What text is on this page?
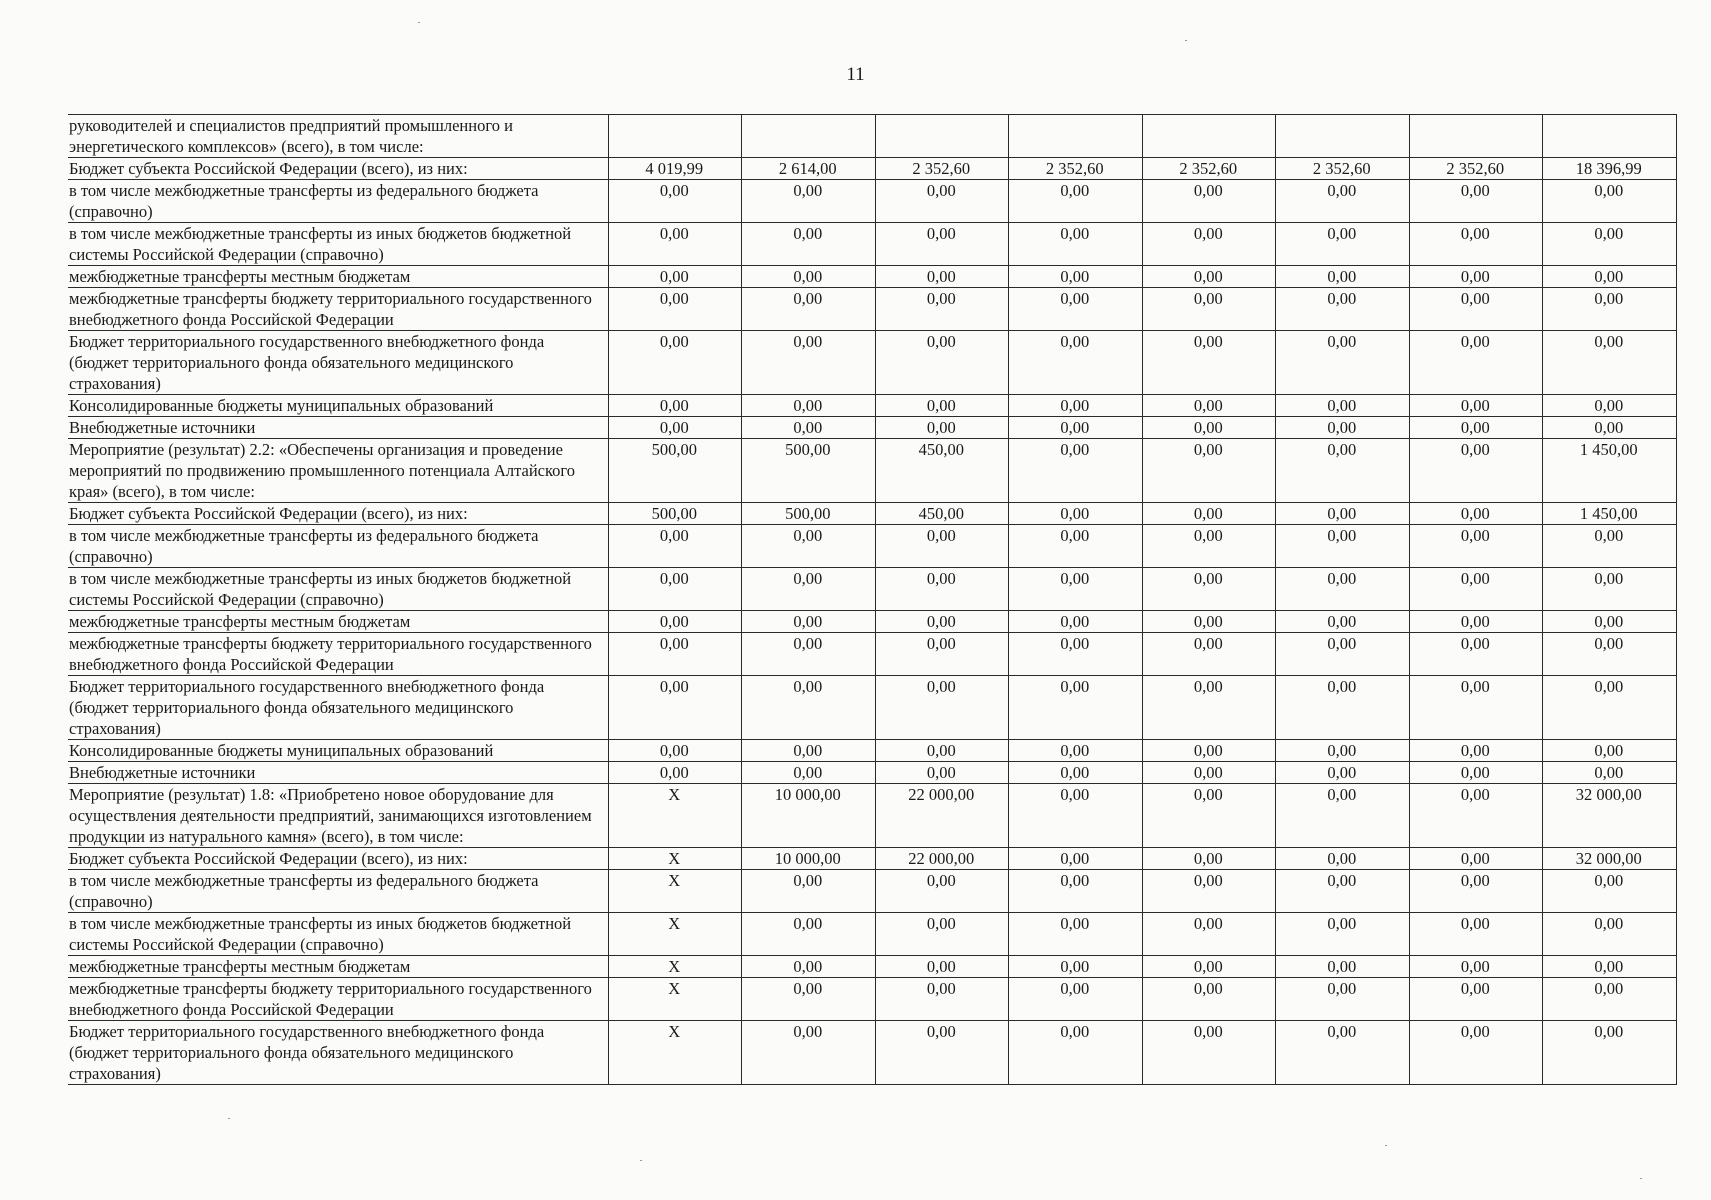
11
руководителей и специалистов предприятий промышленного и энергетического комплексов» (всего), в том числе:								
Бюджет субъекта Российской Федерации (всего), из них:	4 019,99	2 614,00	2 352,60	2 352,60	2 352,60	2 352,60	2 352,60	18 396,99
в том числе межбюджетные трансферты из федерального бюджета (справочно)	0,00	0,00	0,00	0,00	0,00	0,00	0,00	0,00
в том числе межбюджетные трансферты из иных бюджетов бюджетной системы Российской Федерации (справочно)	0,00	0,00	0,00	0,00	0,00	0,00	0,00	0,00
межбюджетные трансферты местным бюджетам	0,00	0,00	0,00	0,00	0,00	0,00	0,00	0,00
межбюджетные трансферты бюджету территориального государственного внебюджетного фонда Российской Федерации	0,00	0,00	0,00	0,00	0,00	0,00	0,00	0,00
Бюджет территориального государственного внебюджетного фонда (бюджет территориального фонда обязательного медицинского страхования)	0,00	0,00	0,00	0,00	0,00	0,00	0,00	0,00
Консолидированные бюджеты муниципальных образований	0,00	0,00	0,00	0,00	0,00	0,00	0,00	0,00
Внебюджетные источники	0,00	0,00	0,00	0,00	0,00	0,00	0,00	0,00
Мероприятие (результат) 2.2: «Обеспечены организация и проведение мероприятий по продвижению промышленного потенциала Алтайского края» (всего), в том числе:	500,00	500,00	450,00	0,00	0,00	0,00	0,00	1 450,00
Бюджет субъекта Российской Федерации (всего), из них:	500,00	500,00	450,00	0,00	0,00	0,00	0,00	1 450,00
в том числе межбюджетные трансферты из федерального бюджета (справочно)	0,00	0,00	0,00	0,00	0,00	0,00	0,00	0,00
в том числе межбюджетные трансферты из иных бюджетов бюджетной системы Российской Федерации (справочно)	0,00	0,00	0,00	0,00	0,00	0,00	0,00	0,00
межбюджетные трансферты местным бюджетам	0,00	0,00	0,00	0,00	0,00	0,00	0,00	0,00
межбюджетные трансферты бюджету территориального государственного внебюджетного фонда Российской Федерации	0,00	0,00	0,00	0,00	0,00	0,00	0,00	0,00
Бюджет территориального государственного внебюджетного фонда (бюджет территориального фонда обязательного медицинского страхования)	0,00	0,00	0,00	0,00	0,00	0,00	0,00	0,00
Консолидированные бюджеты муниципальных образований	0,00	0,00	0,00	0,00	0,00	0,00	0,00	0,00
Внебюджетные источники	0,00	0,00	0,00	0,00	0,00	0,00	0,00	0,00
Мероприятие (результат) 1.8: «Приобретено новое оборудование для осуществления деятельности предприятий, занимающихся изготовлением продукции из натурального камня» (всего), в том числе:	X	10 000,00	22 000,00	0,00	0,00	0,00	0,00	32 000,00
Бюджет субъекта Российской Федерации (всего), из них:	X	10 000,00	22 000,00	0,00	0,00	0,00	0,00	32 000,00
в том числе межбюджетные трансферты из федерального бюджета (справочно)	X	0,00	0,00	0,00	0,00	0,00	0,00	0,00
в том числе межбюджетные трансферты из иных бюджетов бюджетной системы Российской Федерации (справочно)	X	0,00	0,00	0,00	0,00	0,00	0,00	0,00
межбюджетные трансферты местным бюджетам	X	0,00	0,00	0,00	0,00	0,00	0,00	0,00
межбюджетные трансферты бюджету территориального государственного внебюджетного фонда Российской Федерации	X	0,00	0,00	0,00	0,00	0,00	0,00	0,00
Бюджет территориального государственного внебюджетного фонда (бюджет территориального фонда обязательного медицинского страхования)	X	0,00	0,00	0,00	0,00	0,00	0,00	0,00
